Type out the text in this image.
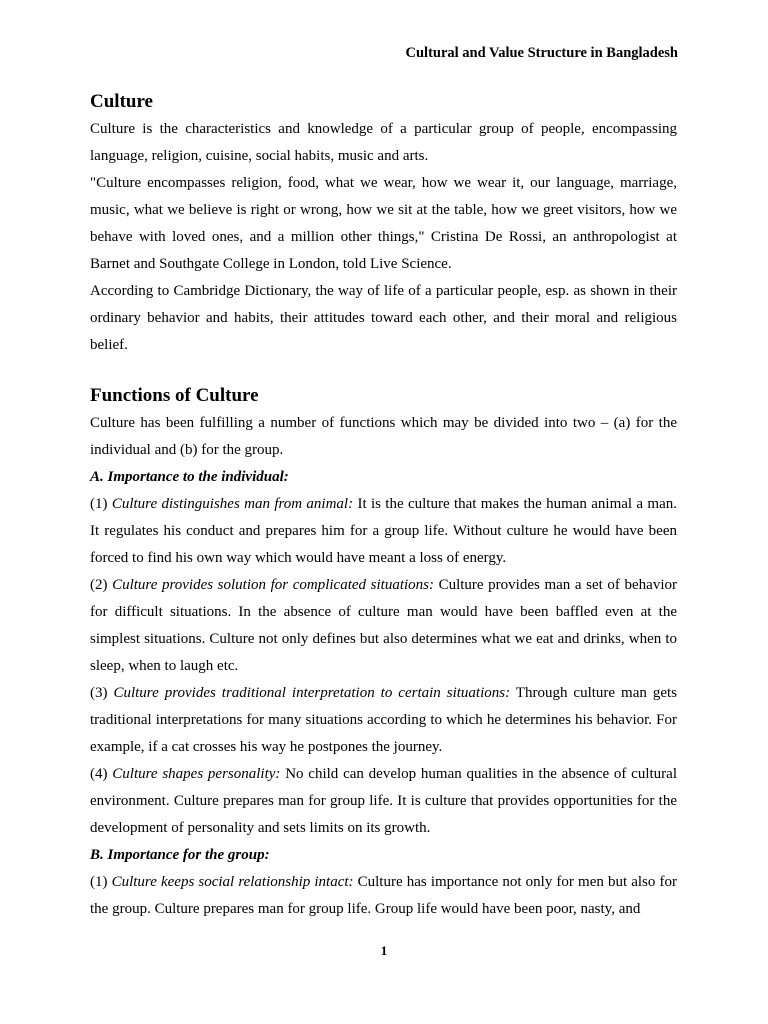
Cultural and Value Structure in Bangladesh
Culture

Culture is the characteristics and knowledge of a particular group of people, encompassing language, religion, cuisine, social habits, music and arts.

"Culture encompasses religion, food, what we wear, how we wear it, our language, marriage, music, what we believe is right or wrong, how we sit at the table, how we greet visitors, how we behave with loved ones, and a million other things," Cristina De Rossi, an anthropologist at Barnet and Southgate College in London, told Live Science.

According to Cambridge Dictionary, the way of life of a particular people, esp. as shown in their ordinary behavior and habits, their attitudes toward each other, and their moral and religious belief.

Functions of Culture

Culture has been fulfilling a number of functions which may be divided into two – (a) for the individual and (b) for the group.

A. Importance to the individual:

(1) Culture distinguishes man from animal: It is the culture that makes the human animal a man. It regulates his conduct and prepares him for a group life. Without culture he would have been forced to find his own way which would have meant a loss of energy.

(2) Culture provides solution for complicated situations: Culture provides man a set of behavior for difficult situations. In the absence of culture man would have been baffled even at the simplest situations. Culture not only defines but also determines what we eat and drinks, when to sleep, when to laugh etc.

(3) Culture provides traditional interpretation to certain situations: Through culture man gets traditional interpretations for many situations according to which he determines his behavior. For example, if a cat crosses his way he postpones the journey.

(4) Culture shapes personality: No child can develop human qualities in the absence of cultural environment. Culture prepares man for group life. It is culture that provides opportunities for the development of personality and sets limits on its growth.

B. Importance for the group:

(1) Culture keeps social relationship intact: Culture has importance not only for men but also for the group. Culture prepares man for group life. Group life would have been poor, nasty, and

1
